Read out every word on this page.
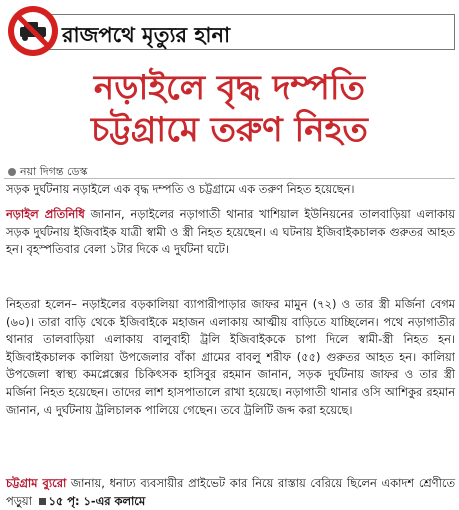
রাজপথে মৃত্যুর হানা
নড়াইলে বৃদ্ধ দম্পতি
চট্টগ্রামে তরুণ নিহত
নয়া দিগন্ত ডেস্ক
সড়ক দুর্ঘটনায় নড়াইলে এক বৃদ্ধ দম্পতি ও চট্টগ্রামে এক তরুণ নিহত হয়েছেন।
নড়াইল প্রতিনিধি জানান, নড়াইলের নড়াগাতী থানার খাশিয়াল ইউনিয়নের তালবাড়িয়া এলাকায় সড়ক দুর্ঘটনায় ইজিবাইক যাত্রী স্বামী ও স্ত্রী নিহত হয়েছেন। এ ঘটনায় ইজিবাইকচালক গুরুতর আহত হন। বৃহস্পতিবার বেলা ১টার দিকে এ দুর্ঘটনা ঘটে।
নিহতরা হলেন– নড়াইলের বড়কালিয়া ব্যাপারীপাড়ার জাফর মামুন (৭২) ও তার স্ত্রী মর্জিনা বেগম (৬০)। তারা বাড়ি থেকে ইজিবাইকে মহাজন এলাকায় আত্মীয় বাড়িতে যাচ্ছিলেন। পথে নড়াগাতীর থানার তালবাড়িয়া এলাকায় বালুবাহী ট্রলি ইজিবাইককে চাপা দিলে স্বামী-স্ত্রী নিহত হন। ইজিবাইকচালক কালিয়া উপজেলার বাঁকা গ্রামের বাবলু শরীফ (৫৫) গুরুতর আহত হন। কালিয়া উপজেলা স্বাস্থ্য কমপ্লেক্সের চিকিৎসক হাসিবুর রহমান জানান, সড়ক দুর্ঘটনায় জাফর ও তার স্ত্রী মর্জিনা নিহত হয়েছেন। তাদের লাশ হাসপাতালে রাখা হয়েছে। নড়াগাতী থানার ওসি আশিকুর রহমান জানান, এ দুর্ঘটনায় ট্রলিচালক পালিয়ে গেছেন। তবে ট্রলিটি জব্দ করা হয়েছে।
চট্টগ্রাম ব্যুরো জানায়, ধনাঢ্য ব্যবসায়ীর প্রাইভেট কার নিয়ে রাস্তায় বেরিয়ে ছিলেন একাদশ শ্রেণীতে পড়ুয়া ১৫ পৃ: ১-এর কলামে
